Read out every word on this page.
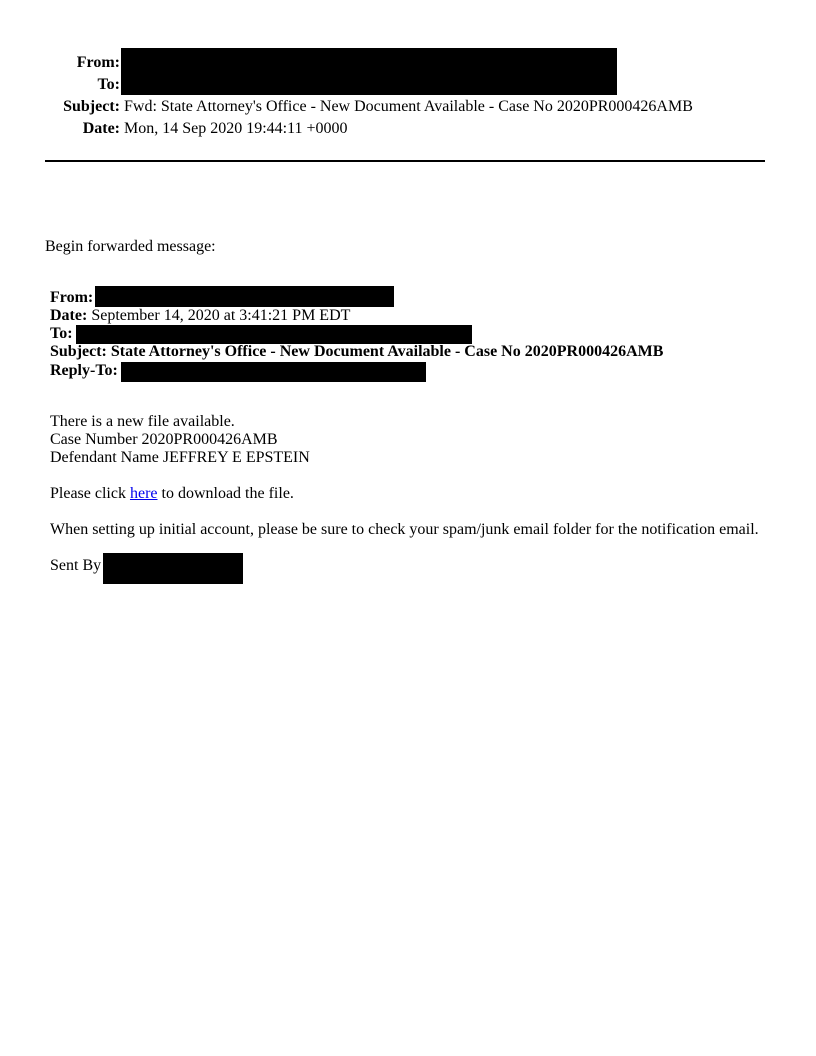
From:
To:
Subject: Fwd: State Attorney's Office - New Document Available - Case No 2020PR000426AMB
Date: Mon, 14 Sep 2020 19:44:11 +0000
Begin forwarded message:
From:
Date: September 14, 2020 at 3:41:21 PM EDT
To:
Subject: State Attorney's Office - New Document Available - Case No 2020PR000426AMB
Reply-To:
There is a new file available.
Case Number 2020PR000426AMB
Defendant Name JEFFREY E EPSTEIN
Please click here to download the file.
When setting up initial account, please be sure to check your spam/junk email folder for the notification email.
Sent By
